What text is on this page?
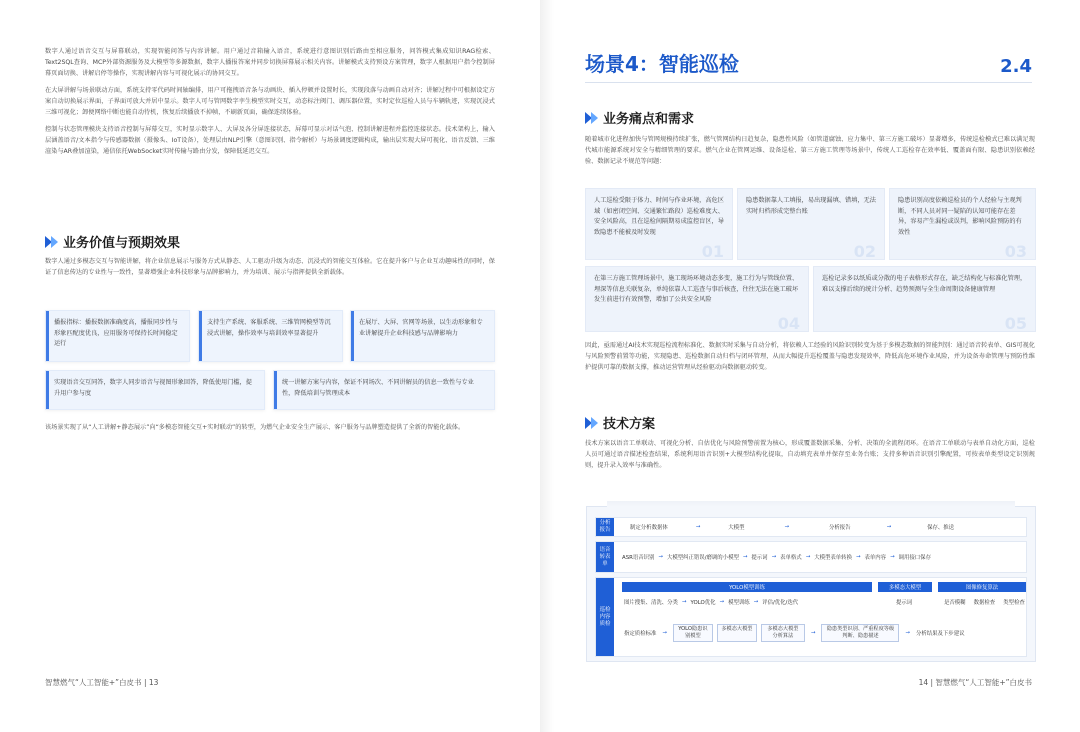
数字人通过语音交互与屏幕联动，实现智能问答与内容讲解。用户通过音箱输入语音，系统进行意图识别后路由至相应服务，问答模式集成知识RAG检索、Text2SQL查询、MCP外部资源服务及大模型等多源数据，数字人播报答案并同步切换屏幕展示相关内容。讲解模式支持预设方案管理，数字人根据用户指令控制屏幕页面切换、讲解启停等操作，实现讲解内容与可视化展示的协同交互。

在大屏讲解与场景联动方面，系统支持零代码时间轴编排，用户可拖拽语音条与动画块、插入停顿并设置时长，实现段落与动画自动对齐；讲解过程中可根据设定方案自动切换展示界面，子界面可放大并居中显示。数字人可与管网数字孪生模型实时交互，动态标注阀门、调压器位置，实时定位巡检人员与车辆轨迹，实现沉浸式三维可视化；卸便网络中断也能自动待机，恢复后续播放不掉帧，不刷新页面，确保连续体验。

控制与状态管理模块支持语音控制与屏幕交互，实时显示数字人、大屏及各分屏连接状态，屏幕可显示对话气泡、控制讲解进程并监控连接状态。技术架构上，输入层涵盖语音/文本指令与传感器数据（摄像头、IoT设备），处理层由NLP引擎（意图识别、指令解析）与场景调度逻辑构成，输出层实现大屏可视化、语音反馈、三维渲染与AR叠加渲染，通信依托WebSocket实时传输与路由分发，保障低延迟交互。

业务价值与预期效果

数字人通过多模态交互与智能讲解，将企业信息展示与服务方式从静态、人工驱动升级为动态、沉浸式的智能交互体验。它在提升客户与企业互动趣味性的同时，保证了信息传达的专业性与一致性，显著增强企业科技形象与品牌影响力，并为培训、展示与指挥提供全新载体。

播报指标：播报数据准确度高，播报同步性与形象匹配度优良，应用服务可保持长时间稳定运行
支持生产系统、客服系统、三维管网模型等沉浸式讲解，操作效率与培训效率显著提升
在展厅、大屏、官网等场景，以生动形象和专业讲解提升企业科技感与品牌影响力
实现语音交互同答，数字人同步语音与视图形象回答，降低使用门槛，提升用户参与度
统一讲解方案与内容，保证不同场次、不同讲解员的信息一致性与专业性，降低培训与管理成本

该场景实现了从“人工讲解+静态展示”向“多模态智能交互+实时联动”的转型，为燃气企业安全生产展示、客户服务与品牌塑造提供了全新的智能化载体。

智慧燃气“人工智能+”白皮书 | 13
场景4：智能巡检	2.4
业务痛点和需求

随着城市化进程加快与管网规模持续扩张，燃气管网结构日趋复杂，隐患性风险（如管道腐蚀、应力集中、第三方施工破坏）显著增多，传统巡检模式已难以满足现代城市能源系统对安全与精细管理的要求。燃气企业在管网运维、设备巡检、第三方施工管理等场景中，传统人工巡检存在效率低、覆盖面有限、隐患识别依赖经验、数据记录不规范等问题：

人工巡检受限于体力、时间与作业环境，高危区域（如密闭空间、交通繁忙路段）巡检难度大、安全风险高，且在巡检间隔期易成监控盲区，导致隐患不能被及时发现
01
隐患数据靠人工填报，易出现漏填、错填，无法实时归档形成完整台账
02
隐患识别高度依赖巡检员的个人经验与主观判断，不同人员对同一疑陷的认知可能存在差异，容易产生漏检或误判，影响风险预防的有效性
03
在第三方施工管理场景中，施工现场环境动态多变，施工行为与管线位置、埋深等信息关联复杂，单纯依靠人工巡查与事后核查，往往无法在施工破坏发生前进行有效预警，增加了公共安全风险
04
巡检记录多以纸质或分散的电子表格形式存在，缺乏结构化与标准化管理，难以支撑后续的统计分析、趋势预测与全生命周期设备健康管理
05

因此，亟需通过AI技术实现巡检流程标准化、数据实时采集与自动分析，将依赖人工经验的风险识别转变为基于多模态数据的智能判别：通过语音转表单、GIS可视化与风险预警前置等功能，实现隐患、巡检数据自动归档与闭环管理，从而大幅提升巡检覆盖与隐患发现效率，降低高危环境作业风险，并为设备寿命管理与预防性维护提供可靠的数据支撑，推动运营管理从经验驱动向数据驱动转变。

技术方案

技术方案以语音工单联动、可视化分析、自估优化与风险预警前置为核心，形成覆盖数据采集、分析、决策的全流程闭环。在语音工单联动与表单自动化方面，巡检人员可通过语音描述检查结果，系统利用语音识别+大模型结构化提取，自动填充表单并保存至业务台账；支持多种语音识别引擎配置，可按表单类型设定识别规则，提升录入效率与准确性。

分析报告	制定分析数据体	→	大模型	→	分析报告	→	保存、推送
语音转表单
ASR语音识别 → 大模型纠正错误/磨调的小模型 → 提示词 → 表单格式 → 大模型表单转换 → 表单内容 → 调用接口保存
巡检内容质检
YOLO模型训练	多模态大模型	图像修复算法
图片搜集、清洗、分类 → YOLO优化 → 模型训练 → 评估/优化/迭代	提示词	是否模糊 数据检查 类型检查
指定质检标准 →
YOLO隐患识别模型
多模态大模型	多模态大模型分析算法	→
隐患类型识别、严重程度等级判断、隐患描述	→ 分析结果及下步建议
14 | 智慧燃气“人工智能+”白皮书
